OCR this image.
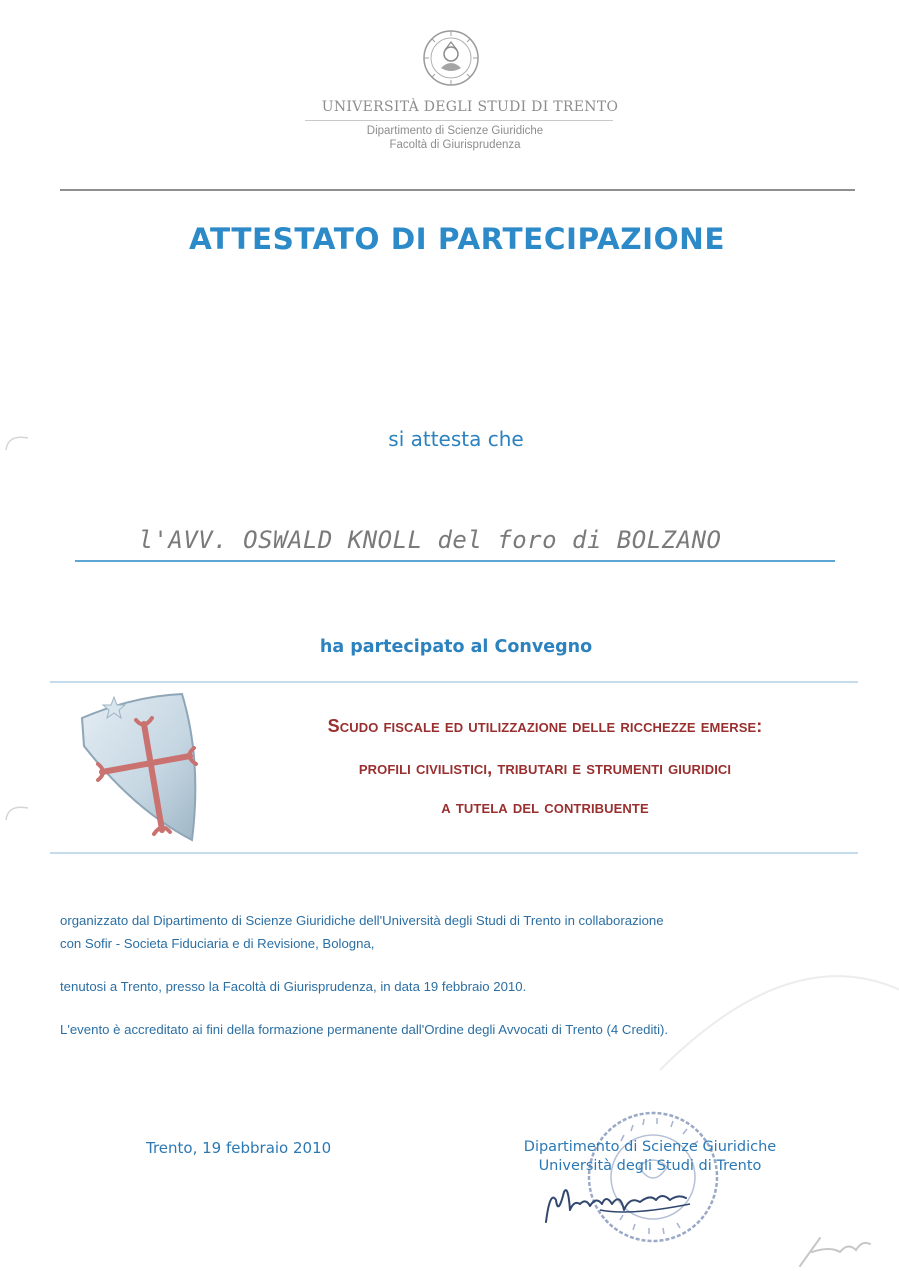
UNIVERSITÀ DEGLI STUDI DI TRENTO
Dipartimento di Scienze Giuridiche
Facoltà di Giurisprudenza
ATTESTATO DI PARTECIPAZIONE
si attesta che
l'AVV. OSWALD KNOLL del foro di BOLZANO
ha partecipato al Convegno
Scudo fiscale ed utilizzazione delle ricchezze emerse:
profili civilistici, tributari e strumenti giuridici
a tutela del contribuente
organizzato dal Dipartimento di Scienze Giuridiche dell'Università degli Studi di Trento in collaborazione
con Sofir - Societa Fiduciaria e di Revisione, Bologna,
tenutosi a Trento, presso la Facoltà di Giurisprudenza, in data 19 febbraio 2010.
L'evento è accreditato ai fini della formazione permanente dall'Ordine degli Avvocati di Trento (4 Crediti).
Trento, 19 febbraio 2010	Dipartimento di Scienze Giuridiche
Università degli Studi di Trento
